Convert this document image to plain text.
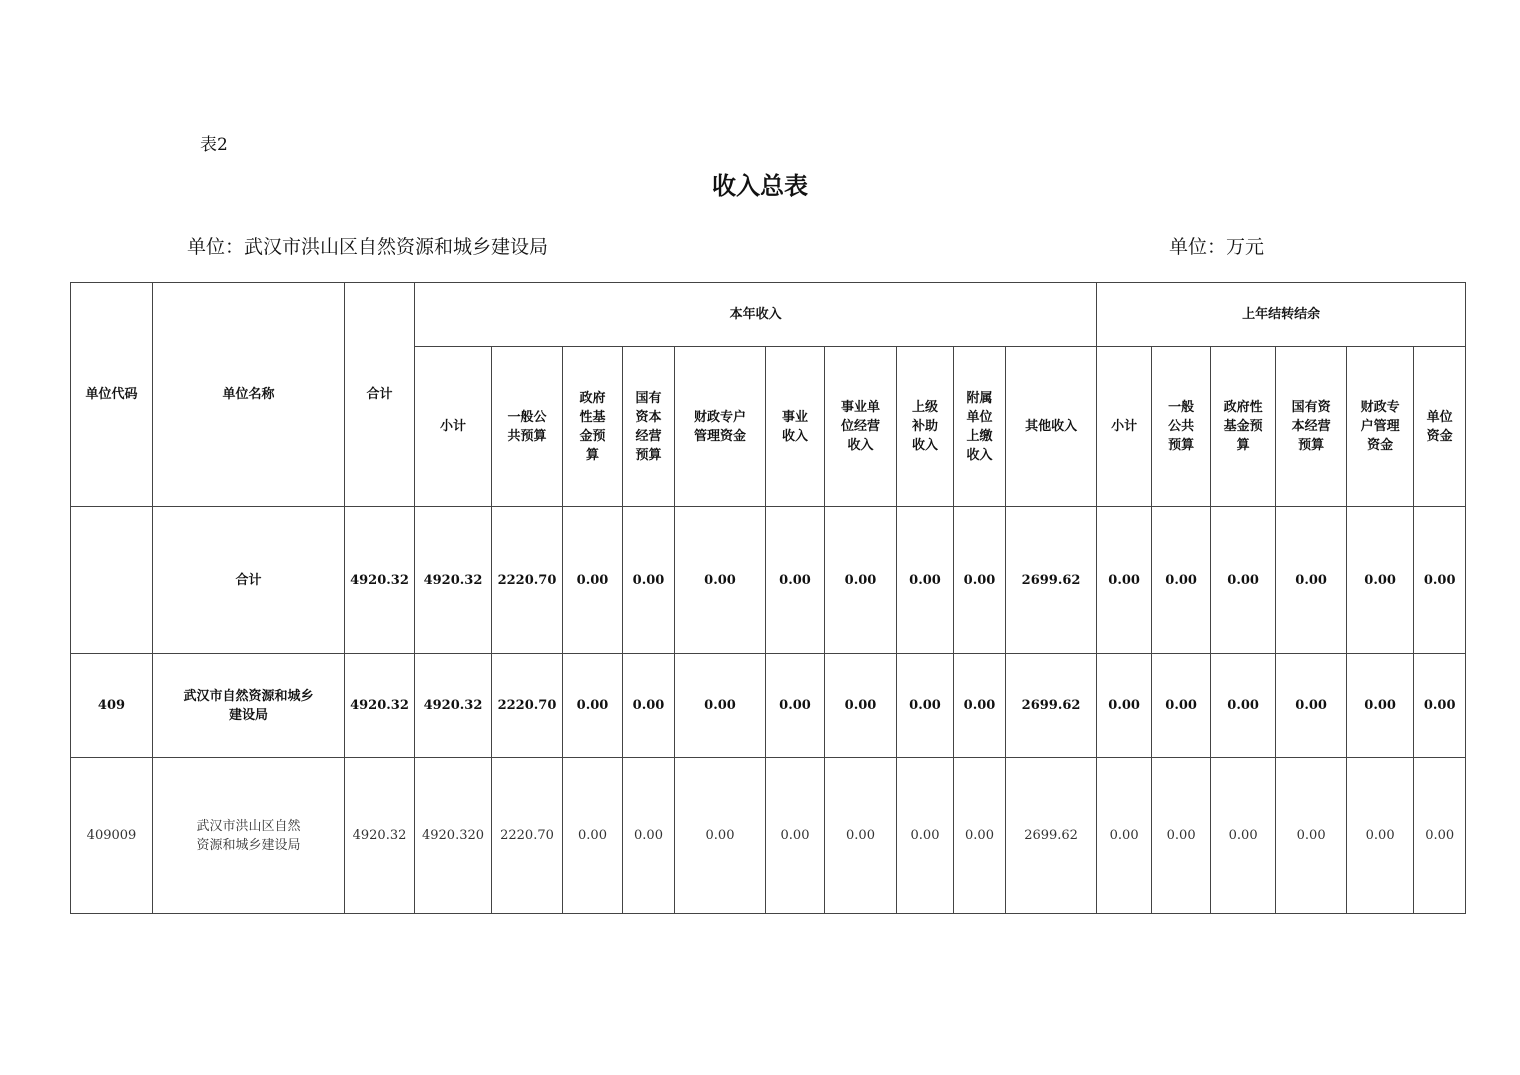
表2
收入总表
单位：武汉市洪山区自然资源和城乡建设局	单位：万元
单位代码	单位名称	合计	本年收入										上年结转结余					

			小计	一般公共预算	政府性基金预算	国有资本经营预算	财政专户管理资金	事业收入	事业单位经营收入	上级补助收入	附属单位上缴收入	其他收入	小计	一般公共预算	政府性基金预算	国有资本经营预算	财政专户管理资金	单位资金

	合计	4920.32	4920.32	2220.70	0.00	0.00	0.00	0.00	0.00	0.00	0.00	2699.62	0.00	0.00	0.00	0.00	0.00	0.00
409	武汉市自然资源和城乡建设局	4920.32	4920.32	2220.70	0.00	0.00	0.00	0.00	0.00	0.00	0.00	2699.62	0.00	0.00	0.00	0.00	0.00	0.00
409009	武汉市洪山区自然资源和城乡建设局	4920.32	4920.320	2220.70	0.00	0.00	0.00	0.00	0.00	0.00	0.00	2699.62	0.00	0.00	0.00	0.00	0.00	0.00
